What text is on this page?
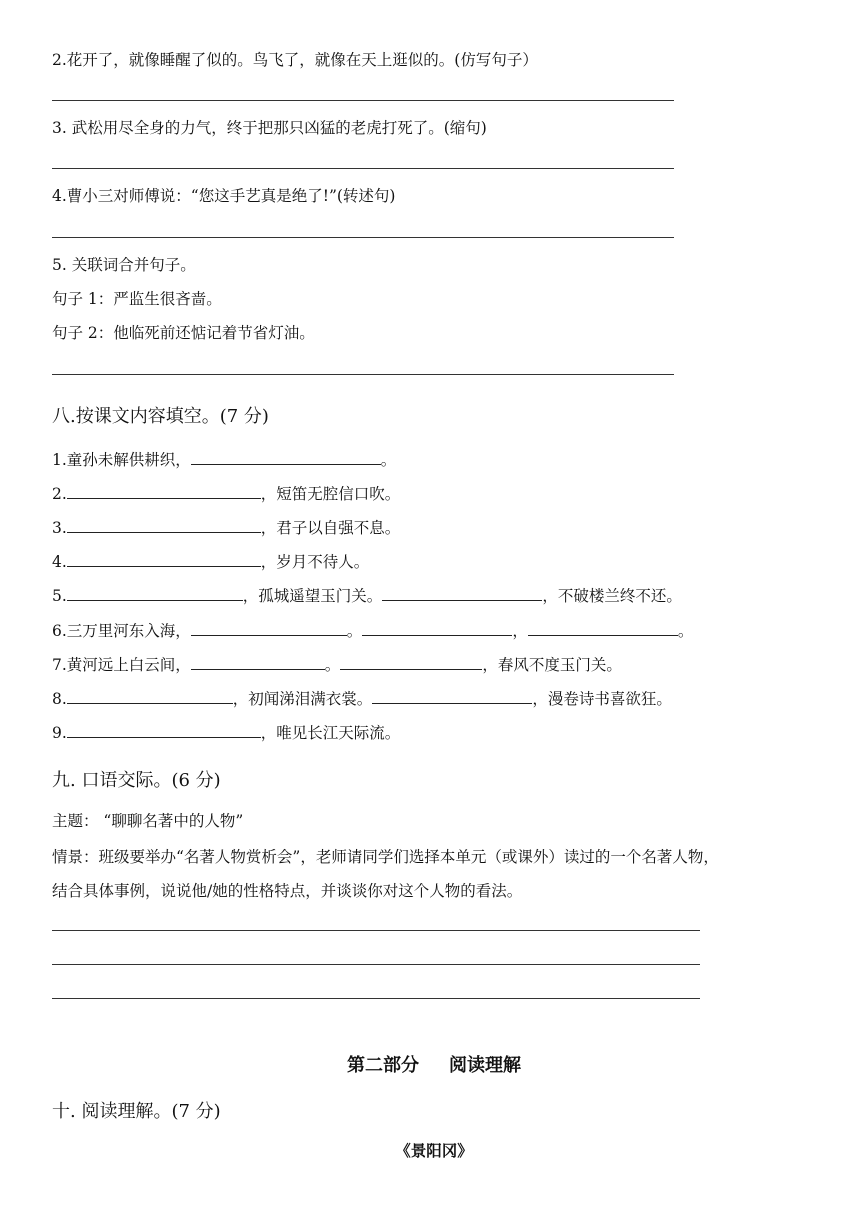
2.花开了，就像睡醒了似的。鸟飞了，就像在天上逛似的。(仿写句子）
3. 武松用尽全身的力气，终于把那只凶猛的老虎打死了。(缩句)
4.曹小三对师傅说：“您这手艺真是绝了!”(转述句)
5. 关联词合并句子。
句子 1：严监生很吝啬。
句子 2：他临死前还惦记着节省灯油。
八.按课文内容填空。(7 分)
1.童孙未解供耕织，	。
2.	，短笛无腔信口吹。
3.	，君子以自强不息。
4.	，岁月不待人。
5.	，孤城遥望玉门关。	，不破楼兰终不还。
6.三万里河东入海，	。	，	。
7.黄河远上白云间，	。	，春风不度玉门关。
8.	，初闻涕泪满衣裳。	，漫卷诗书喜欲狂。
9.	，唯见长江天际流。
九. 口语交际。(6 分)
主题： “聊聊名著中的人物”
情景：班级要举办“名著人物赏析会”，老师请同学们选择本单元（或课外）读过的一个名著人物，
结合具体事例，说说他/她的性格特点，并谈谈你对这个人物的看法。
第二部分 阅读理解
十. 阅读理解。(7 分)
《景阳冈》
